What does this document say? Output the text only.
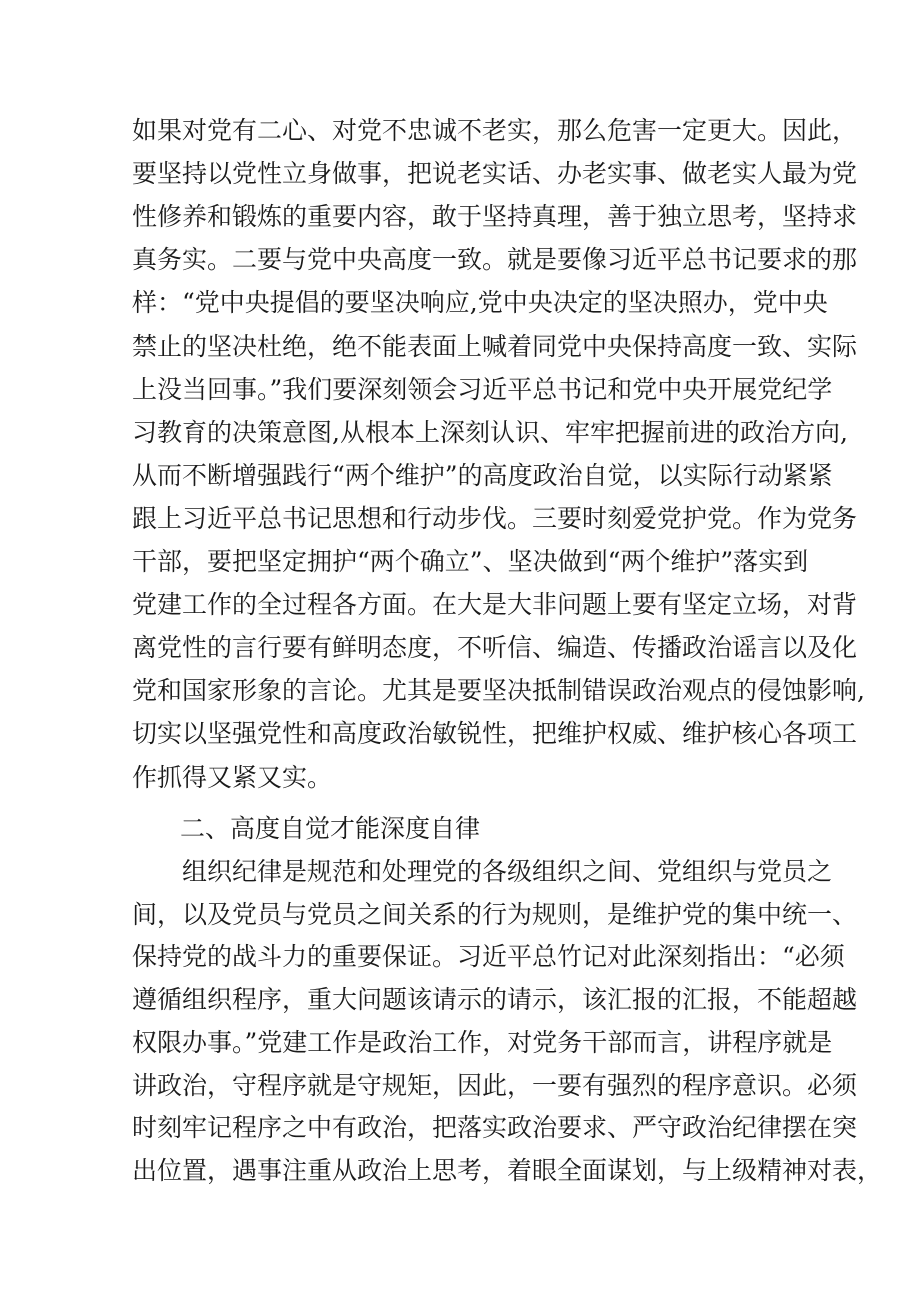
如果对党有二心、对党不忠诚不老实，那么危害一定更大。因此，
要坚持以党性立身做事，把说老实话、办老实事、做老实人最为党
性修养和锻炼的重要内容，敢于坚持真理，善于独立思考，坚持求
真务实。二要与党中央高度一致。就是要像习近平总书记要求的那
样：“党中央提倡的要坚决响应,党中央决定的坚决照办，党中央
禁止的坚决杜绝，绝不能表面上喊着同党中央保持高度一致、实际
上没当回事。”我们要深刻领会习近平总书记和党中央开展党纪学
习教育的决策意图,从根本上深刻认识、牢牢把握前进的政治方向,
从而不断增强践行“两个维护”的高度政治自觉，以实际行动紧紧
跟上习近平总书记思想和行动步伐。三要时刻爱党护党。作为党务
干部，要把坚定拥护“两个确立”、坚决做到“两个维护”落实到
党建工作的全过程各方面。在大是大非问题上要有坚定立场，对背
离党性的言行要有鲜明态度，不听信、编造、传播政治谣言以及化
党和国家形象的言论。尤其是要坚决抵制错误政治观点的侵蚀影响,
切实以坚强党性和高度政治敏锐性，把维护权威、维护核心各项工
作抓得又紧又实。
二、高度自觉才能深度自律
组织纪律是规范和处理党的各级组织之间、党组织与党员之
间，以及党员与党员之间关系的行为规则，是维护党的集中统一、
保持党的战斗力的重要保证。习近平总竹记对此深刻指出：“必须
遵循组织程序，重大问题该请示的请示，该汇报的汇报，不能超越
权限办事。”党建工作是政治工作，对党务干部而言，讲程序就是
讲政治，守程序就是守规矩，因此，一要有强烈的程序意识。必须
时刻牢记程序之中有政治，把落实政治要求、严守政治纪律摆在突
出位置，遇事注重从政治上思考，着眼全面谋划，与上级精神对表，
